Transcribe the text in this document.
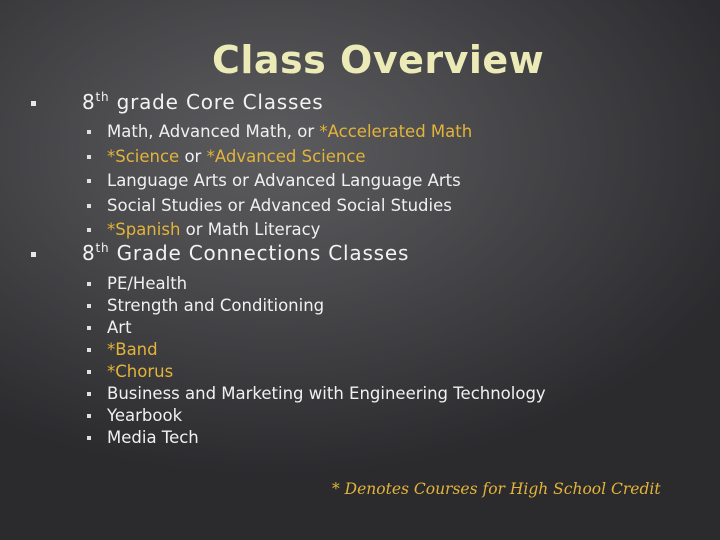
Class Overview
8th grade Core Classes
Math, Advanced Math, or *Accelerated Math
*Science or *Advanced Science
Language Arts or Advanced Language Arts
Social Studies or Advanced Social Studies
*Spanish or Math Literacy
8th Grade Connections Classes
PE/Health
Strength and Conditioning
Art
*Band
*Chorus
Business and Marketing with Engineering Technology
Yearbook
Media Tech
* Denotes Courses for High School Credit
